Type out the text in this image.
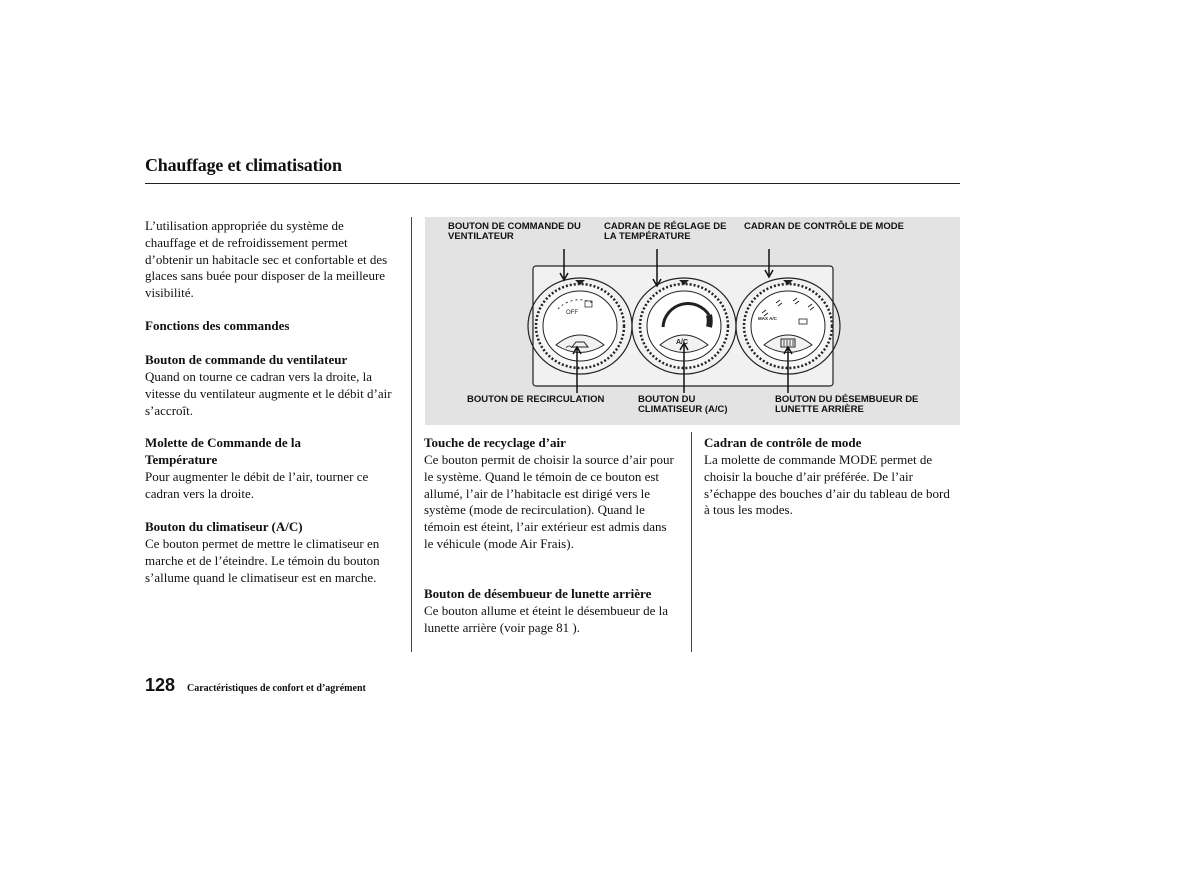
Chauffage et climatisation
L’utilisation appropriée du système de chauffage et de refroidissement permet d’obtenir un habitacle sec et confortable et des glaces sans buée pour disposer de la meilleure visibilité.
Fonctions des commandes
Bouton de commande du ventilateur
Quand on tourne ce cadran vers la droite, la vitesse du ventilateur augmente et le débit d’air s’accroît.
Molette de Commande de la Température
Pour augmenter le débit de l’air, tourner ce cadran vers la droite.
Bouton du climatiseur (A/C)
Ce bouton permet de mettre le climatiseur en marche et de l’éteindre. Le témoin du bouton s’allume quand le climatiseur est en marche.
OFF
A/C
MAX A/C
BOUTON DE COMMANDE DU VENTILATEUR
CADRAN DE RÉGLAGE DE LA TEMPÉRATURE
CADRAN DE CONTRÔLE DE MODE
BOUTON DE RECIRCULATION	BOUTON DU CLIMATISEUR (A/C)
BOUTON DU DÉSEMBUEUR DE LUNETTE ARRIÈRE
Touche de recyclage d’air
Ce bouton permit de choisir la source d’air pour le système. Quand le témoin de ce bouton est allumé, l’air de l’habitacle est dirigé vers le système (mode de recirculation). Quand le témoin est éteint, l’air extérieur est admis dans le véhicule (mode Air Frais).
Bouton de désembueur de lunette arrière
Ce bouton allume et éteint le désembueur de la lunette arrière (voir page 81 ).
Cadran de contrôle de mode
La molette de commande MODE permet de choisir la bouche d’air préférée. De l’air s’échappe des bouches d’air du tableau de bord à tous les modes.
128 Caractéristiques de confort et d’agrément
